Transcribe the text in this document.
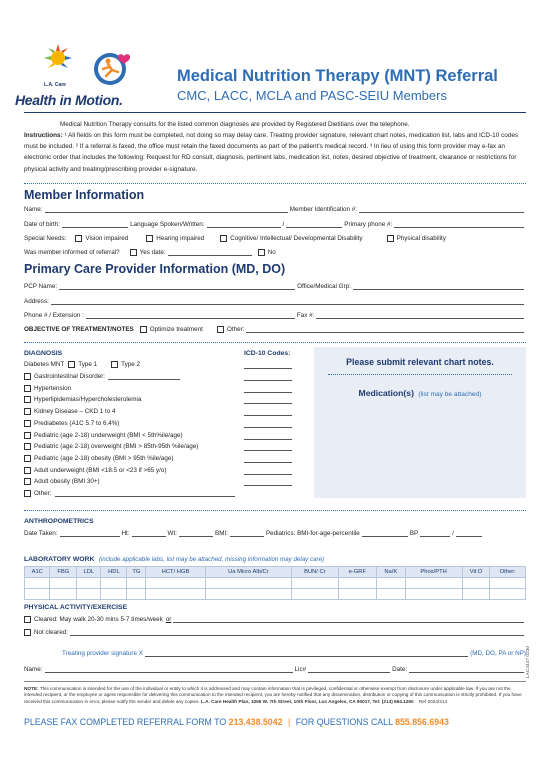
L.A. Care
Health in Motion.
Medical Nutrition Therapy (MNT) Referral
CMC, LACC, MCLA and PASC-SEIU Members
Medical Nutrition Therapy consults for the listed common diagnoses are provided by Registered Dietitians over the telephone.
Instructions: ¹ All fields on this form must be completed, not doing so may delay care. Treating provider signature, relevant chart notes, medication list, labs and ICD-10 codes must be included. ² If a referral is faxed, the office must retain the faxed documents as part of the patient's medical record. ³ In lieu of using this form provider may e-fax an electronic order that includes the following: Request for RD consult, diagnosis, pertinent labs, medication list, notes, desired objective of treatment, clearance or restrictions for physical activity and treating/prescribing provider e-signature.
Member Information
Name:	Member Identification #:
Date of birth:	Language Spoken/Written:	/	Primary phone #:
Special Needs:	Vision impaired	Hearing impaired	Cognitive/ Intellectual/ Developmental Disability	Physical disability
Was member informed of referral?	Yes date:	No
Primary Care Provider Information (MD, DO)
PCP Name:	Office/Medical Grp:
Address:
Phone # / Extension :	Fax #:
OBJECTIVE OF TREATMENT/NOTES	Optimize treatment	Other:
DIAGNOSIS	ICD-10 Codes:
Diabetes MNT Type 1	Type 2
Gastrointestinal Disorder:
Hypertension
Hyperlipidemias/Hypercholesterolemia
Kidney Disease – CKD 1 to 4
Prediabetes (A1C 5.7 to 6.4%)
Pediatric (age 2-18) underweight (BMI < 5th%ile/age)
Pediatric (age 2-18) overweight (BMI > 85th-95th %ile/age)
Pediatric (age 2-18) obesity (BMI > 95th %ile/age)
Adult underweight (BMI <18.5 or <23 if >65 y/o)
Adult obesity (BMI 30+)
Other:
Please submit relevant chart notes.
Medication(s) (list may be attached)
ANTHROPOMETRICS
Date Taken:	Ht:	Wt:	BMI:	Pediatrics: BMI-for-age-percentile	BP	/
LABORATORY WORK (include applicable labs, list may be attached, missing information may delay care)
A1C	FBG	LDL	HDL	TG	HCT/ HGB	Ua Micro Alb/Cr	BUN/ Cr	e-GRF	Na/K	Phos/PTH	Vit D	Other:

PHYSICAL ACTIVITY/EXERCISE
Cleared: May walk 20-30 mins 5-7 times/week or
Not cleared:
Treating provider signature X	(MD, DO, PA or NP)
Name:	Lic#	Date:
NOTE: This communication is intended for the use of the individual or entity to which it is addressed and may contain information that is privileged, confidential or otherwise exempt from disclosure under applicable law. If you are not the intended recipient, or the employee or agent responsible for delivering this communication to the intended recipient, you are hereby notified that any dissemination, distribution or copying of this communication is strictly prohibited. If you have received this communication in error, please notify the sender and delete any copies. L.A. Care Health Plan, 1055 W. 7th Street, 10th Floor, Los Angeles, CA 90017, Tel: (213) 694.1250 Ref 2024/214
LAC4447 0230
PLEASE FAX COMPLETED REFERRAL FORM TO 213.438.5042 | FOR QUESTIONS CALL 855.856.6943
